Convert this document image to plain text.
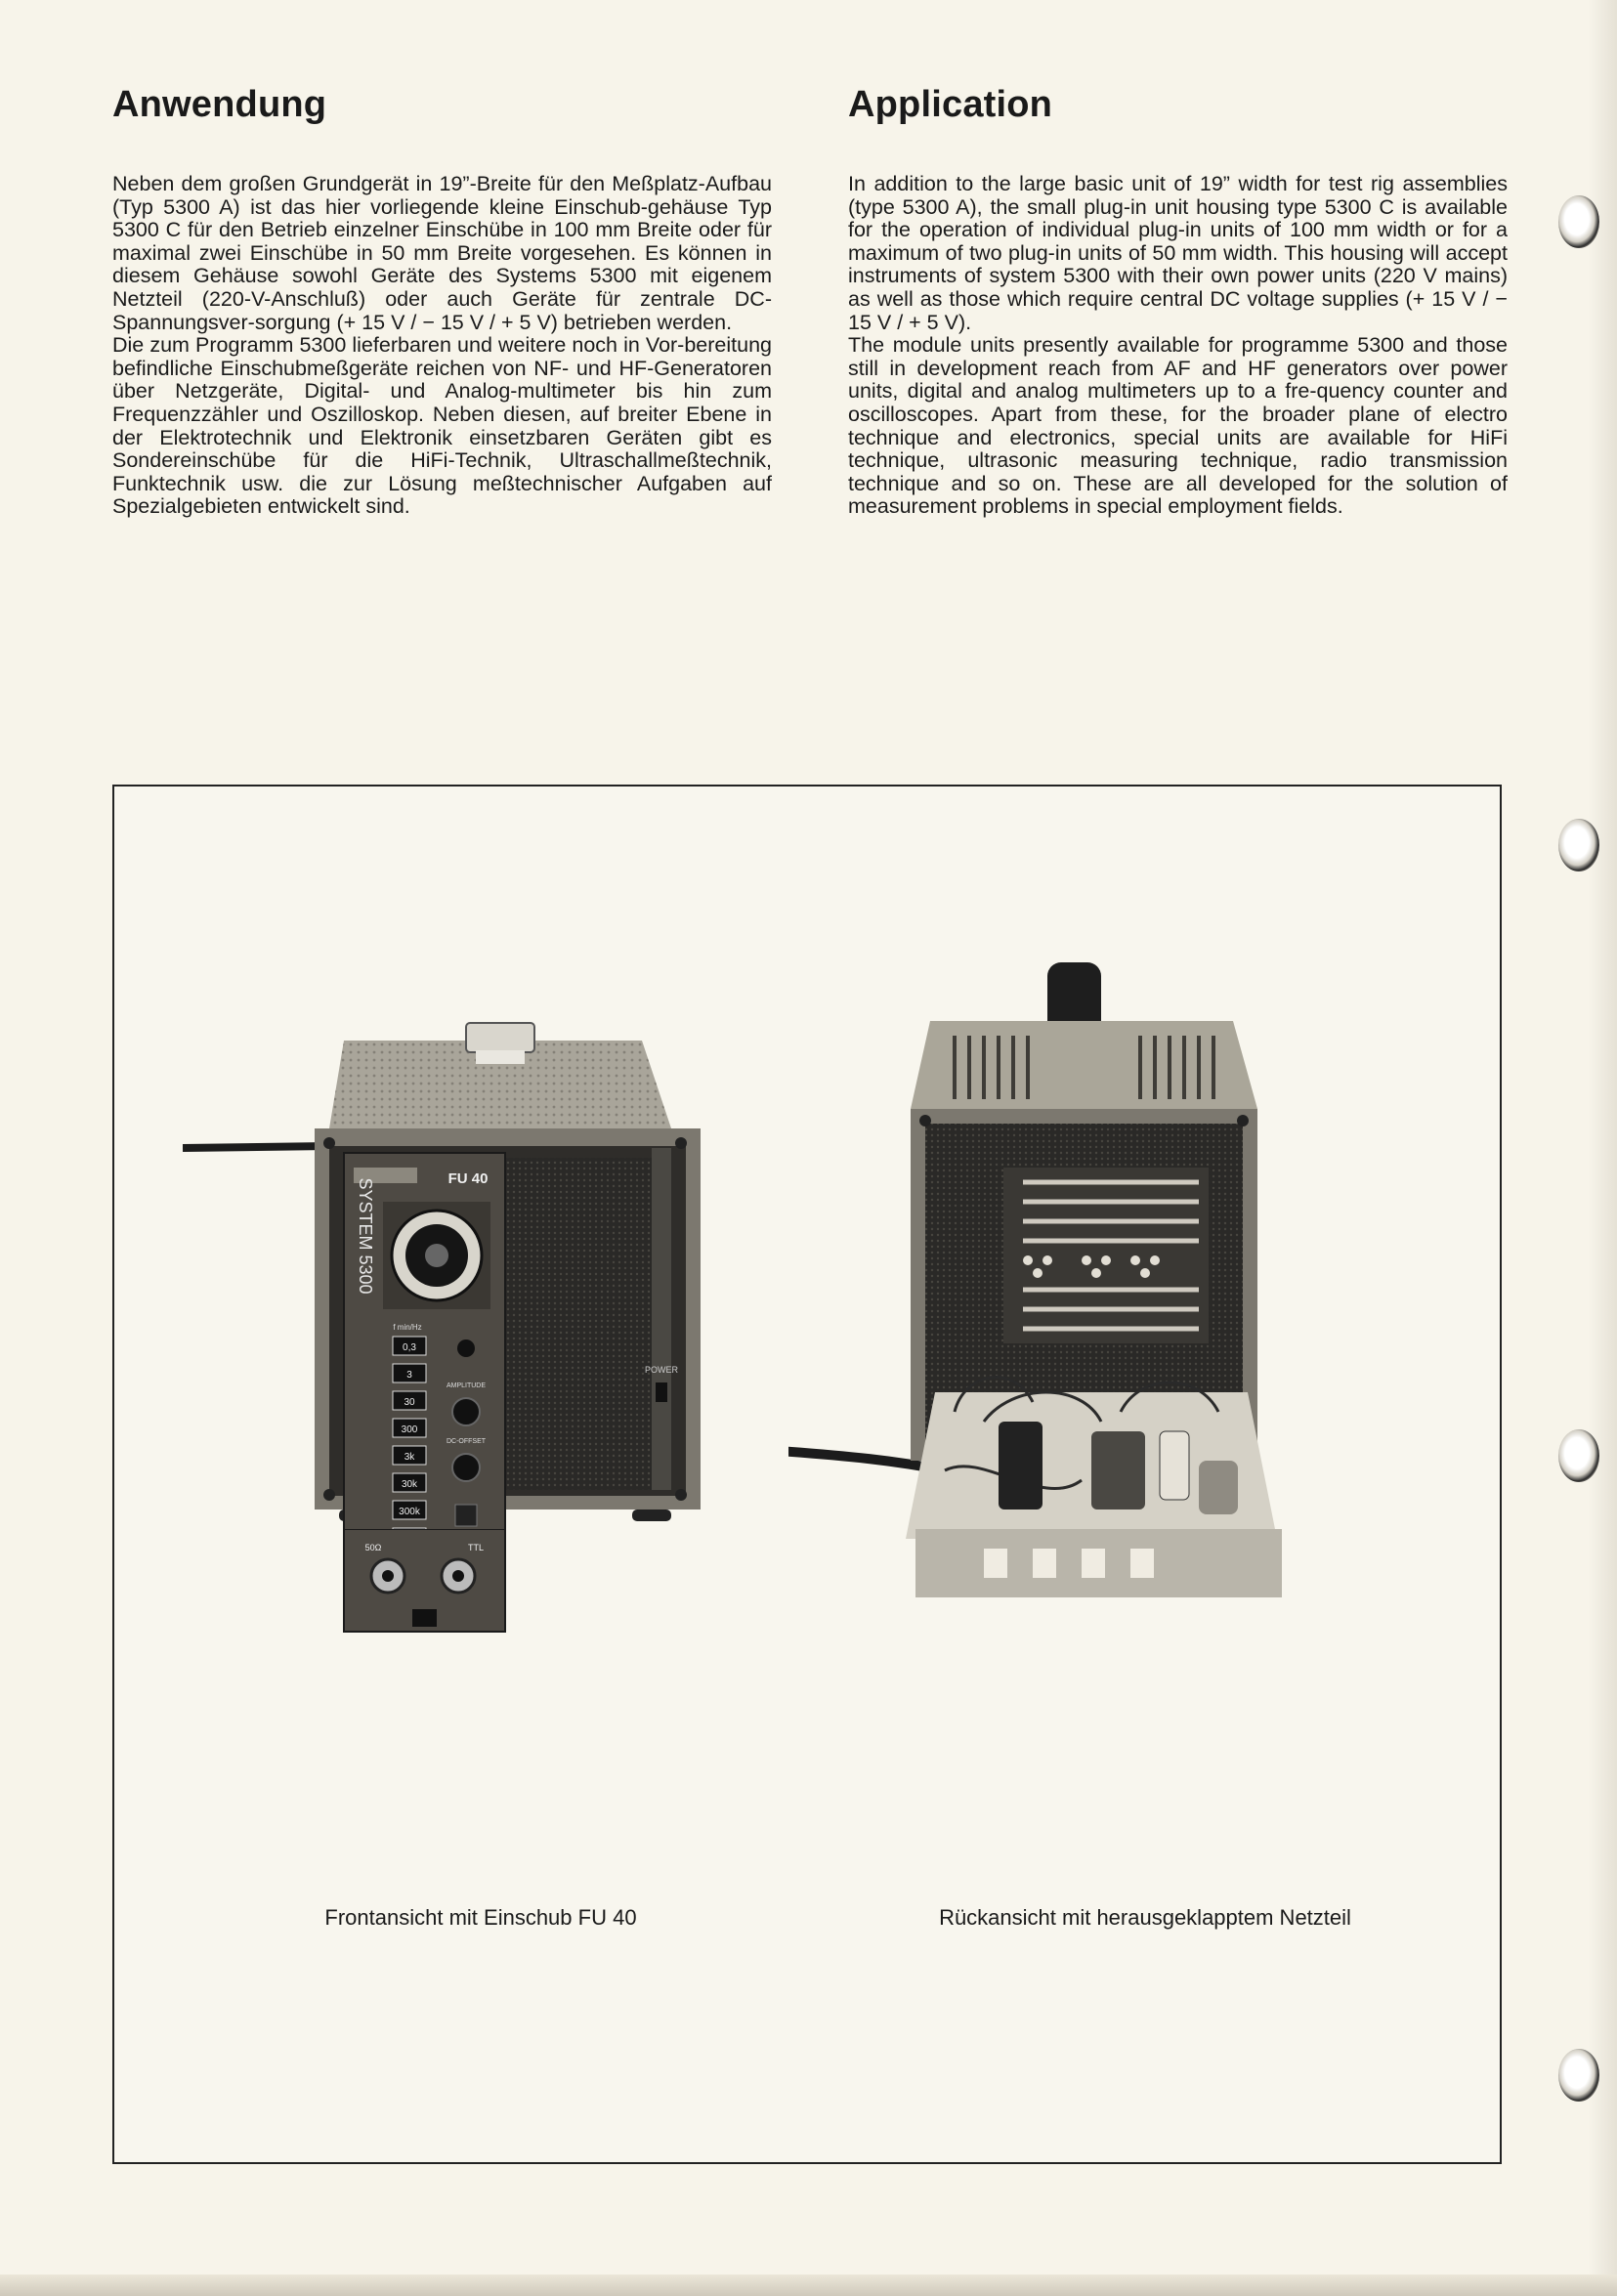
Anwendung

Neben dem großen Grundgerät in 19”-Breite für den Meßplatz-Aufbau (Typ 5300 A) ist das hier vorliegende kleine Einschub-gehäuse Typ 5300 C für den Betrieb einzelner Einschübe in 100 mm Breite oder für maximal zwei Einschübe in 50 mm Breite vorgesehen. Es können in diesem Gehäuse sowohl Geräte des Systems 5300 mit eigenem Netzteil (220-V-Anschluß) oder auch Geräte für zentrale DC-Spannungsver-sorgung (+ 15 V / − 15 V / + 5 V) betrieben werden.

Die zum Programm 5300 lieferbaren und weitere noch in Vor-bereitung befindliche Einschubmeßgeräte reichen von NF- und HF-Generatoren über Netzgeräte, Digital- und Analog-multimeter bis hin zum Frequenzzähler und Oszilloskop. Neben diesen, auf breiter Ebene in der Elektrotechnik und Elektronik einsetzbaren Geräten gibt es Sondereinschübe für die HiFi-Technik, Ultraschallmeßtechnik, Funktechnik usw. die zur Lösung meßtechnischer Aufgaben auf Spezialgebieten entwickelt sind.

Application

In addition to the large basic unit of 19” width for test rig assemblies (type 5300 A), the small plug-in unit housing type 5300 C is available for the operation of individual plug-in units of 100 mm width or for a maximum of two plug-in units of 50 mm width. This housing will accept instruments of system 5300 with their own power units (220 V mains) as well as those which require central DC voltage supplies (+ 15 V / − 15 V / + 5 V).

The module units presently available for programme 5300 and those still in development reach from AF and HF generators over power units, digital and analog multimeters up to a fre-quency counter and oscilloscopes. Apart from these, for the broader plane of electro technique and electronics, special units are available for HiFi technique, ultrasonic measuring technique, radio transmission technique and so on. These are all developed for the solution of measurement problems in special employment fields.

POWER
FU 40
SYSTEM 5300
f min/Hz
0,3
3
30
300
3k
30k
300k
AMPLITUDE
DC-OFFSET
50Ω	TTL
Frontansicht mit Einschub FU 40	Rückansicht mit herausgeklapptem Netzteil
